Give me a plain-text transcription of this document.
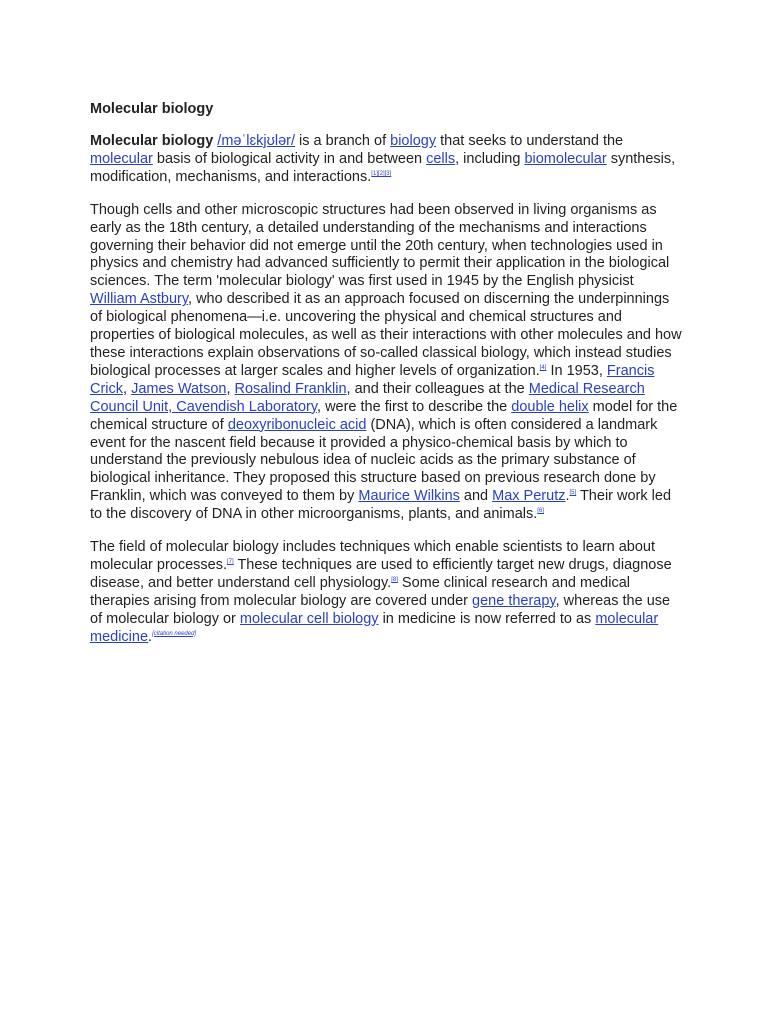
Molecular biology

Molecular biology /məˈlɛkjʊlər/ is a branch of biology that seeks to understand the molecular basis of biological activity in and between cells, including biomolecular synthesis, modification, mechanisms, and interactions.[1][2][3]

Though cells and other microscopic structures had been observed in living organisms as early as the 18th century, a detailed understanding of the mechanisms and interactions governing their behavior did not emerge until the 20th century, when technologies used in physics and chemistry had advanced sufficiently to permit their application in the biological sciences. The term 'molecular biology' was first used in 1945 by the English physicist William Astbury, who described it as an approach focused on discerning the underpinnings of biological phenomena—i.e. uncovering the physical and chemical structures and properties of biological molecules, as well as their interactions with other molecules and how these interactions explain observations of so-called classical biology, which instead studies biological processes at larger scales and higher levels of organization.[4] In 1953, Francis Crick, James Watson, Rosalind Franklin, and their colleagues at the Medical Research Council Unit, Cavendish Laboratory, were the first to describe the double helix model for the chemical structure of deoxyribonucleic acid (DNA), which is often considered a landmark event for the nascent field because it provided a physico-chemical basis by which to understand the previously nebulous idea of nucleic acids as the primary substance of biological inheritance. They proposed this structure based on previous research done by Franklin, which was conveyed to them by Maurice Wilkins and Max Perutz.[5] Their work led to the discovery of DNA in other microorganisms, plants, and animals.[6]

The field of molecular biology includes techniques which enable scientists to learn about molecular processes.[7] These techniques are used to efficiently target new drugs, diagnose disease, and better understand cell physiology.[8] Some clinical research and medical therapies arising from molecular biology are covered under gene therapy, whereas the use of molecular biology or molecular cell biology in medicine is now referred to as molecular medicine.[citation needed]
